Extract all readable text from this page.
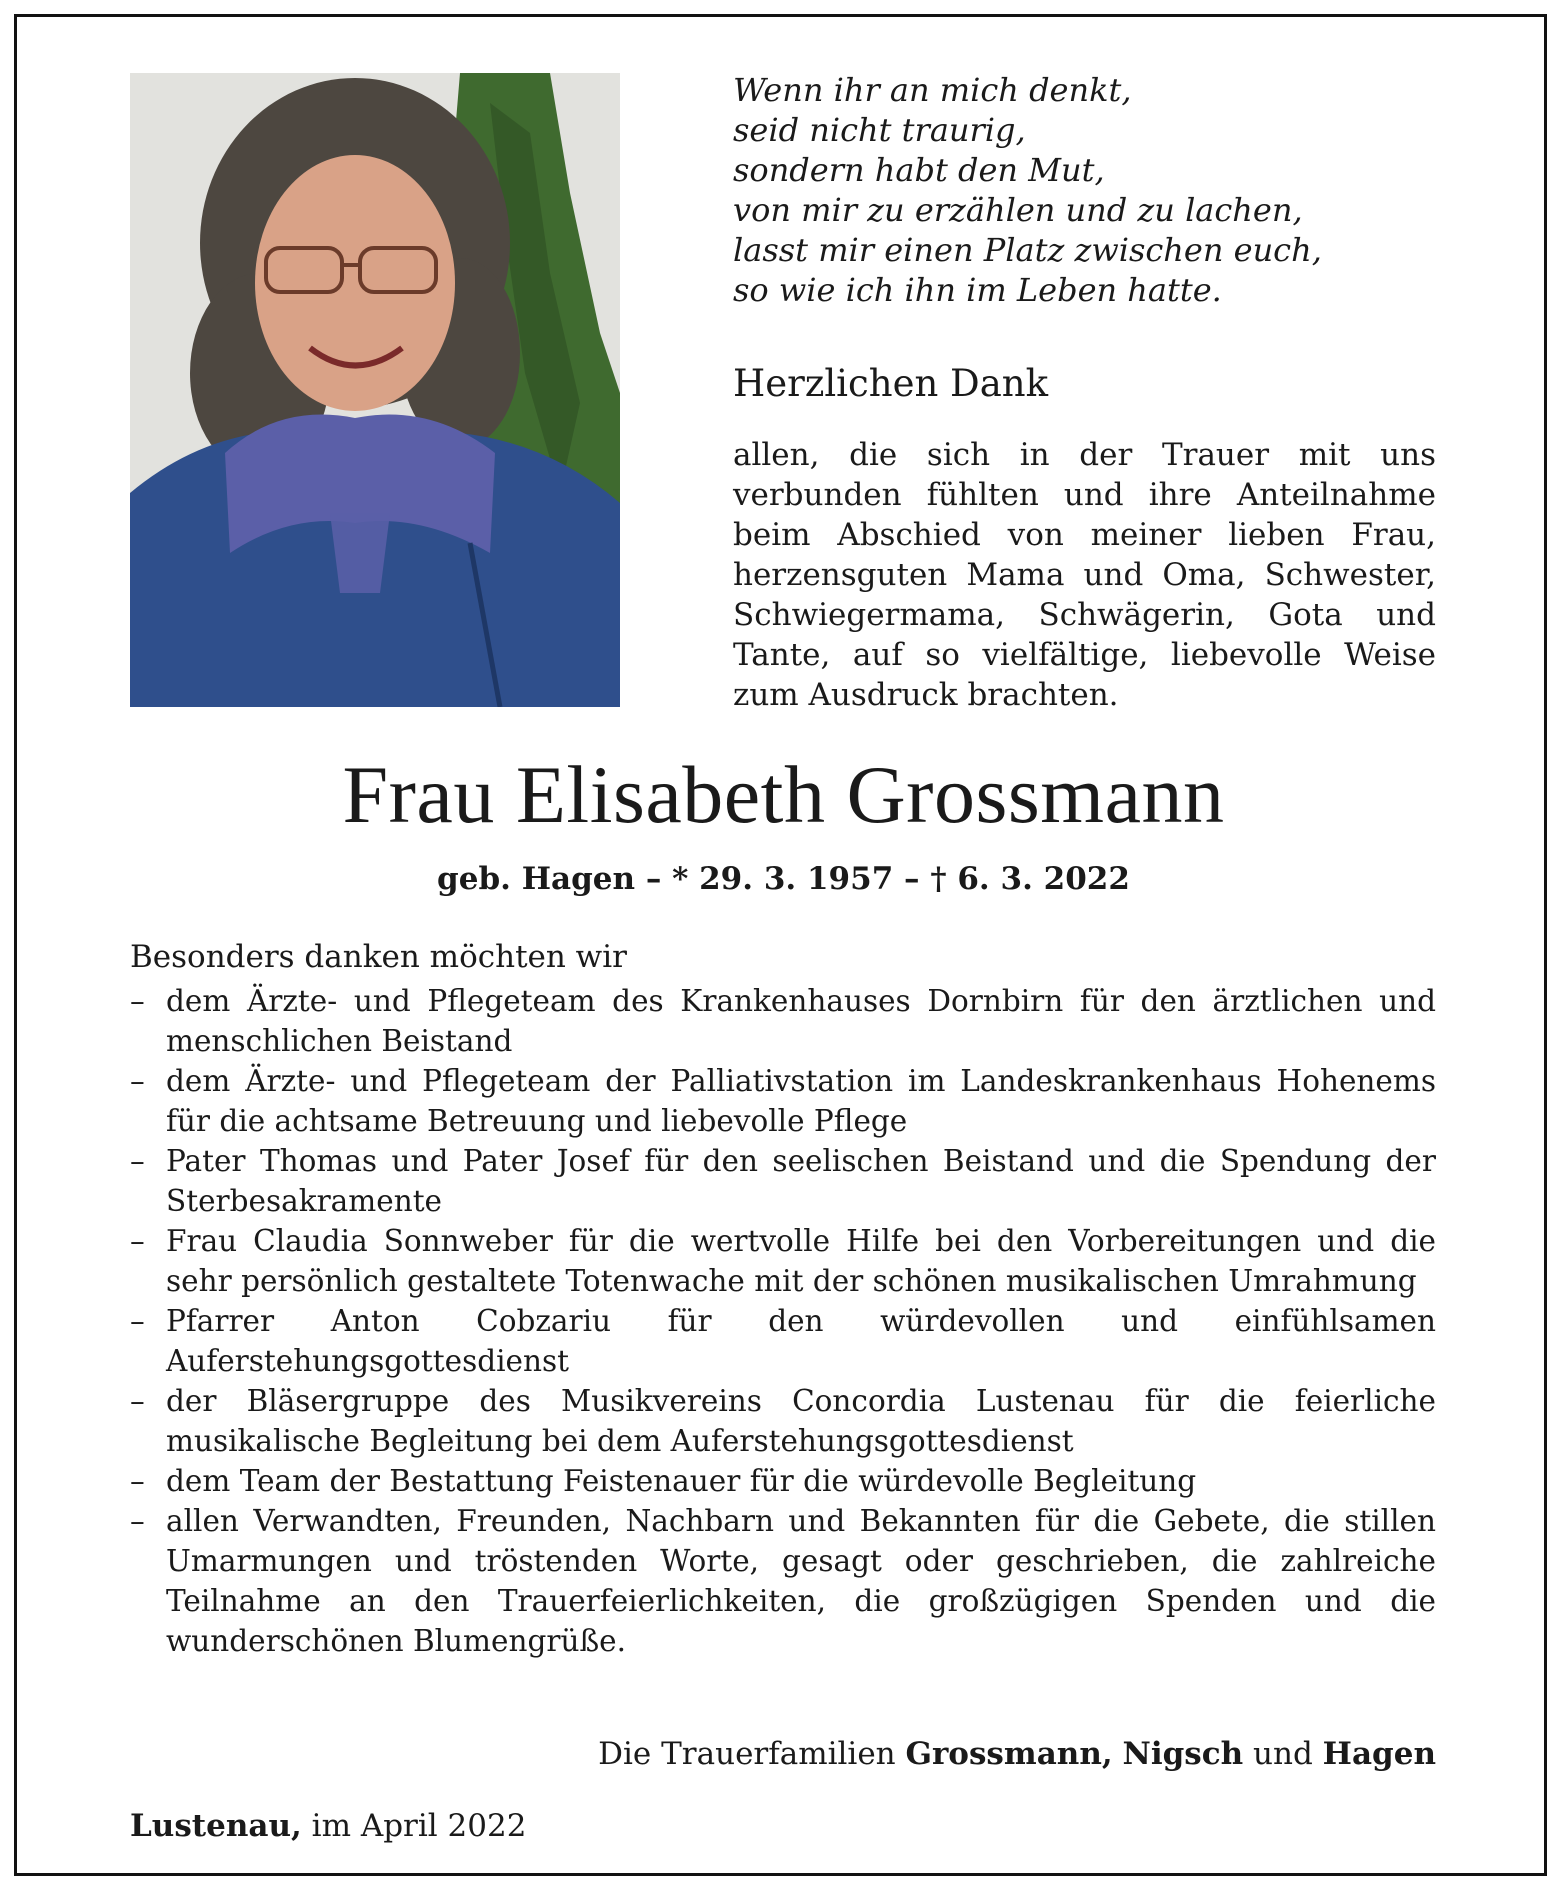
Wenn ihr an mich denkt,
seid nicht traurig,
sondern habt den Mut,
von mir zu erzählen und zu lachen,
lasst mir einen Platz zwischen euch,
so wie ich ihn im Leben hatte.
Herzlichen Dank
allen, die sich in der Trauer mit uns verbunden fühlten und ihre Anteilnahme beim Abschied von meiner lieben Frau, herzensguten Mama und Oma, Schwester, Schwiegermama, Schwägerin, Gota und Tante, auf so vielfältige, liebevolle Weise zum Ausdruck brachten.
Frau Elisabeth Grossmann
geb. Hagen – * 29. 3. 1957 – † 6. 3. 2022
Besonders danken möchten wir
– dem Ärzte- und Pflegeteam des Krankenhauses Dornbirn für den ärztlichen und menschlichen Beistand
– dem Ärzte- und Pflegeteam der Palliativstation im Landeskrankenhaus Hohenems für die achtsame Betreuung und liebevolle Pflege
– Pater Thomas und Pater Josef für den seelischen Beistand und die Spendung der Sterbesakramente
– Frau Claudia Sonnweber für die wertvolle Hilfe bei den Vorbereitungen und die sehr persönlich gestaltete Totenwache mit der schönen musikalischen Umrahmung
– Pfarrer Anton Cobzariu für den würdevollen und einfühlsamen Auferstehungsgottesdienst
– der Bläsergruppe des Musikvereins Concordia Lustenau für die feierliche musikalische Begleitung bei dem Auferstehungsgottesdienst
– dem Team der Bestattung Feistenauer für die würdevolle Begleitung
– allen Verwandten, Freunden, Nachbarn und Bekannten für die Gebete, die stillen Umarmungen und tröstenden Worte, gesagt oder geschrieben, die zahlreiche Teilnahme an den Trauerfeierlichkeiten, die großzügigen Spenden und die wunderschönen Blumengrüße.
Die Trauerfamilien Grossmann, Nigsch und Hagen
Lustenau, im April 2022
